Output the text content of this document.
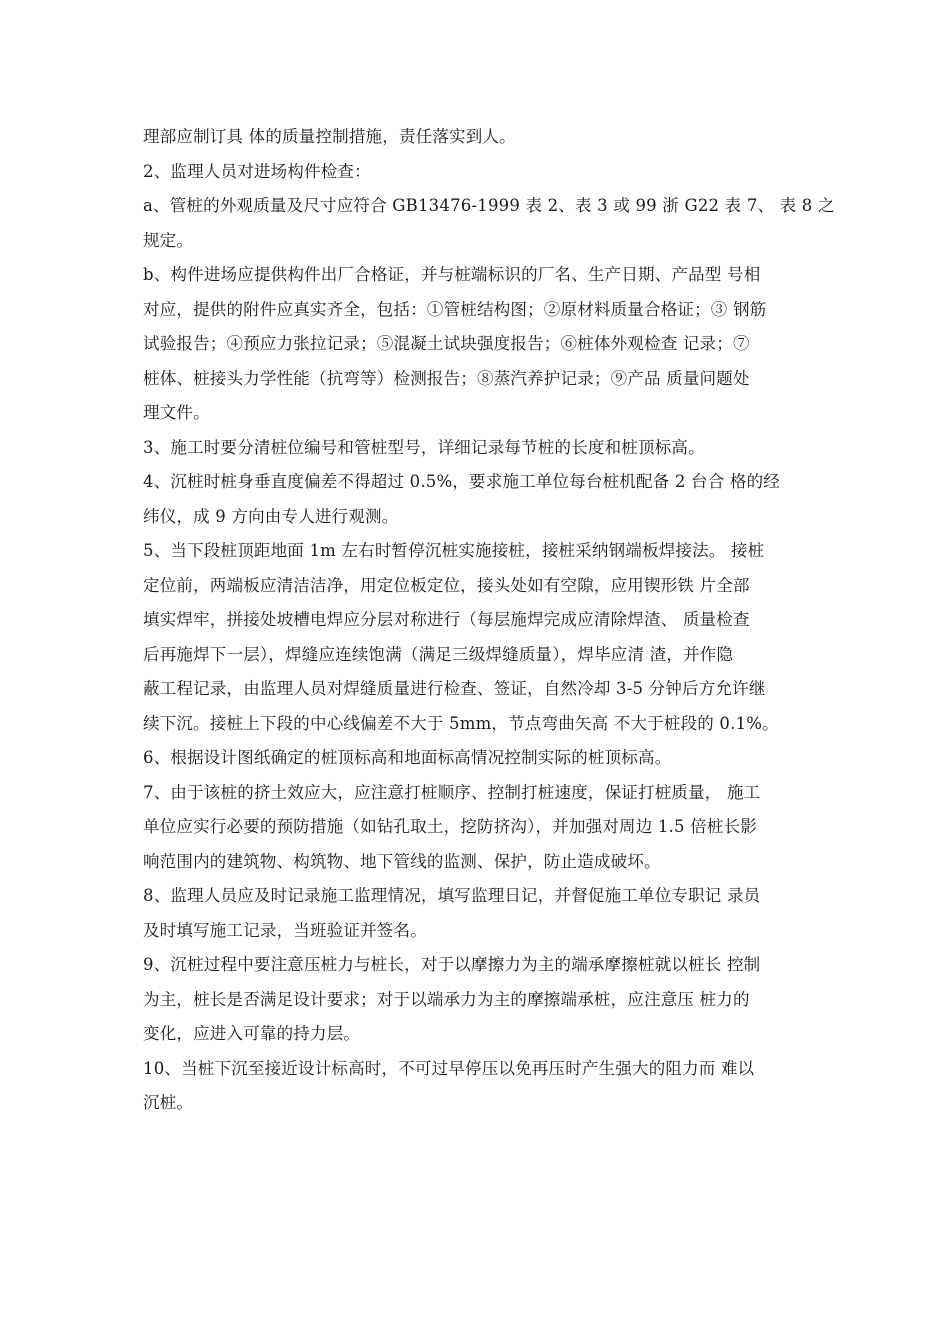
理部应制订具 体的质量控制措施，责任落实到人。
2、监理人员对进场构件检查：
a、管桩的外观质量及尺寸应符合 GB13476-1999 表 2、表 3 或 99 浙 G22 表 7、 表 8 之
规定。
b、构件进场应提供构件出厂合格证，并与桩端标识的厂名、生产日期、产品型 号相
对应，提供的附件应真实齐全，包括：①管桩结构图；②原材料质量合格证；③ 钢筋
试验报告；④预应力张拉记录；⑤混凝土试块强度报告；⑥桩体外观检查 记录；⑦
桩体、桩接头力学性能（抗弯等）检测报告；⑧蒸汽养护记录；⑨产品 质量问题处
理文件。
3、施工时要分清桩位编号和管桩型号，详细记录每节桩的长度和桩顶标高。
4、沉桩时桩身垂直度偏差不得超过 0.5%，要求施工单位每台桩机配备 2 台合 格的经
纬仪，成 9 方向由专人进行观测。
5、当下段桩顶距地面 1m 左右时暂停沉桩实施接桩，接桩采纳钢端板焊接法。 接桩
定位前，两端板应清洁洁净，用定位板定位，接头处如有空隙，应用锲形铁 片全部
填实焊牢，拼接处坡槽电焊应分层对称进行（每层施焊完成应清除焊渣、 质量检查
后再施焊下一层），焊缝应连续饱满（满足三级焊缝质量），焊毕应清 渣，并作隐
蔽工程记录，由监理人员对焊缝质量进行检查、签证，自然冷却 3-5 分钟后方允许继
续下沉。接桩上下段的中心线偏差不大于 5mm，节点弯曲矢高 不大于桩段的 0.1%。
6、根据设计图纸确定的桩顶标高和地面标高情况控制实际的桩顶标高。
7、由于该桩的挤土效应大，应注意打桩顺序、控制打桩速度，保证打桩质量， 施工
单位应实行必要的预防措施（如钻孔取土，挖防挤沟），并加强对周边 1.5 倍桩长影
响范围内的建筑物、构筑物、地下管线的监测、保护，防止造成破坏。
8、监理人员应及时记录施工监理情况，填写监理日记，并督促施工单位专职记 录员
及时填写施工记录，当班验证并签名。
9、沉桩过程中要注意压桩力与桩长，对于以摩擦力为主的端承摩擦桩就以桩长 控制
为主，桩长是否满足设计要求；对于以端承力为主的摩擦端承桩，应注意压 桩力的
变化，应进入可靠的持力层。
10、当桩下沉至接近设计标高时，不可过早停压以免再压时产生强大的阻力而 难以
沉桩。
